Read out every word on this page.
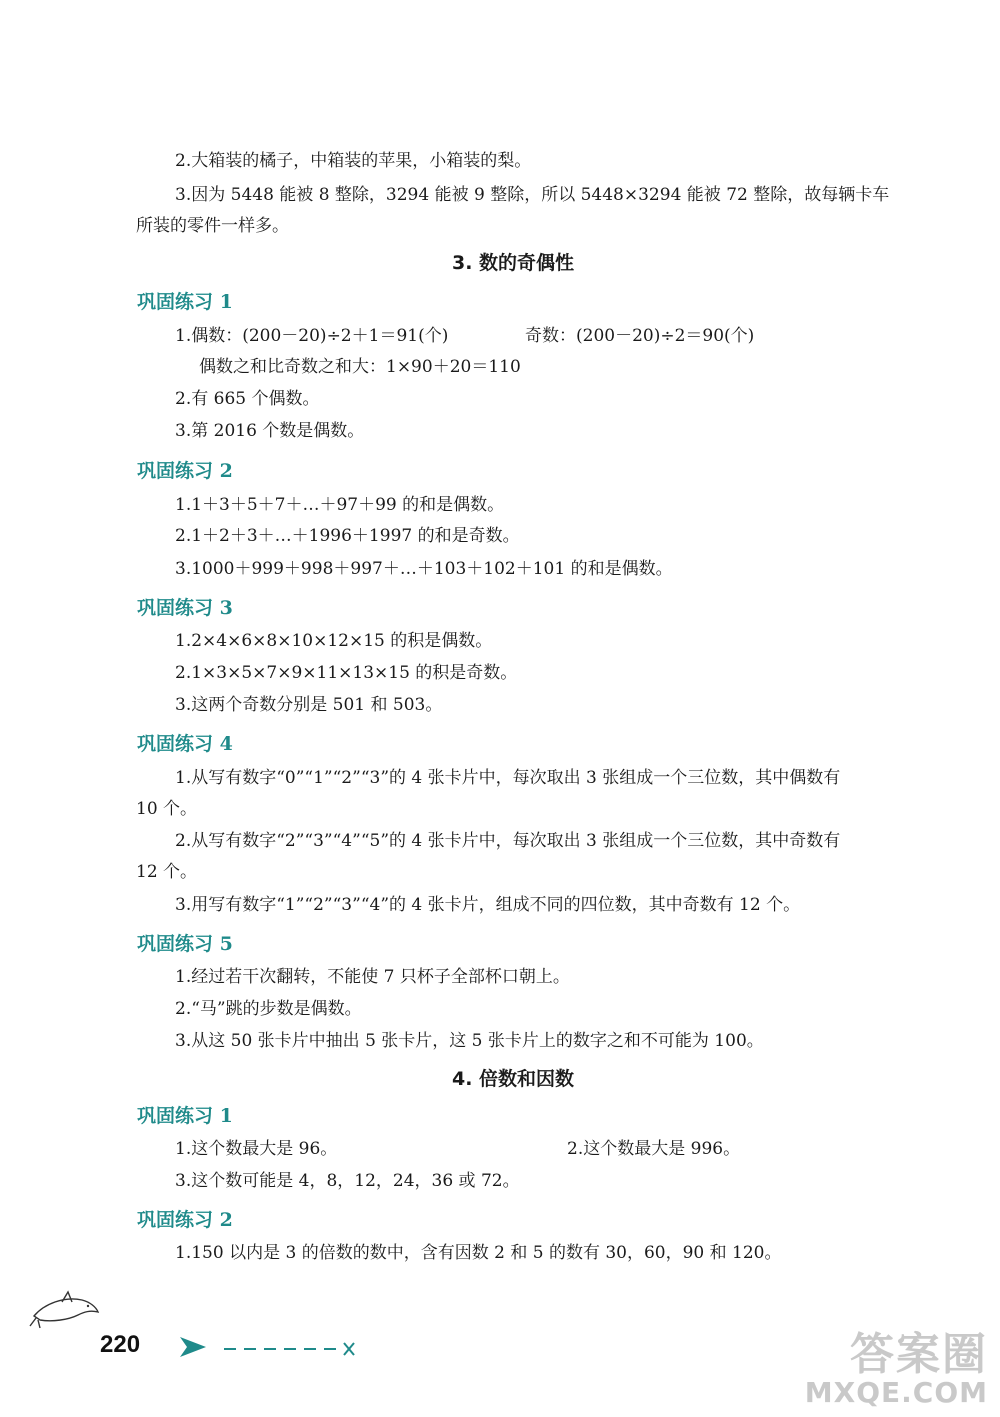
2.大箱装的橘子，中箱装的苹果，小箱装的梨。
3.因为 5448 能被 8 整除，3294 能被 9 整除，所以 5448×3294 能被 72 整除，故每辆卡车
所装的零件一样多。
3. 数的奇偶性
巩固练习 1
1.偶数：(200－20)÷2＋1＝91(个)	奇数：(200－20)÷2＝90(个)
偶数之和比奇数之和大：1×90＋20＝110
2.有 665 个偶数。
3.第 2016 个数是偶数。
巩固练习 2
1.1＋3＋5＋7＋…＋97＋99 的和是偶数。
2.1＋2＋3＋…＋1996＋1997 的和是奇数。
3.1000＋999＋998＋997＋…＋103＋102＋101 的和是偶数。
巩固练习 3
1.2×4×6×8×10×12×15 的积是偶数。
2.1×3×5×7×9×11×13×15 的积是奇数。
3.这两个奇数分别是 501 和 503。
巩固练习 4
1.从写有数字“0”“1”“2”“3”的 4 张卡片中，每次取出 3 张组成一个三位数，其中偶数有
10 个。
2.从写有数字“2”“3”“4”“5”的 4 张卡片中，每次取出 3 张组成一个三位数，其中奇数有
12 个。
3.用写有数字“1”“2”“3”“4”的 4 张卡片，组成不同的四位数，其中奇数有 12 个。
巩固练习 5
1.经过若干次翻转，不能使 7 只杯子全部杯口朝上。
2.“马”跳的步数是偶数。
3.从这 50 张卡片中抽出 5 张卡片，这 5 张卡片上的数字之和不可能为 100。
4. 倍数和因数
巩固练习 1
1.这个数最大是 96。	2.这个数最大是 996。
3.这个数可能是 4，8，12，24，36 或 72。
巩固练习 2
1.150 以内是 3 的倍数的数中，含有因数 2 和 5 的数有 30，60，90 和 120。
220	答案圈
MXQE.COM
